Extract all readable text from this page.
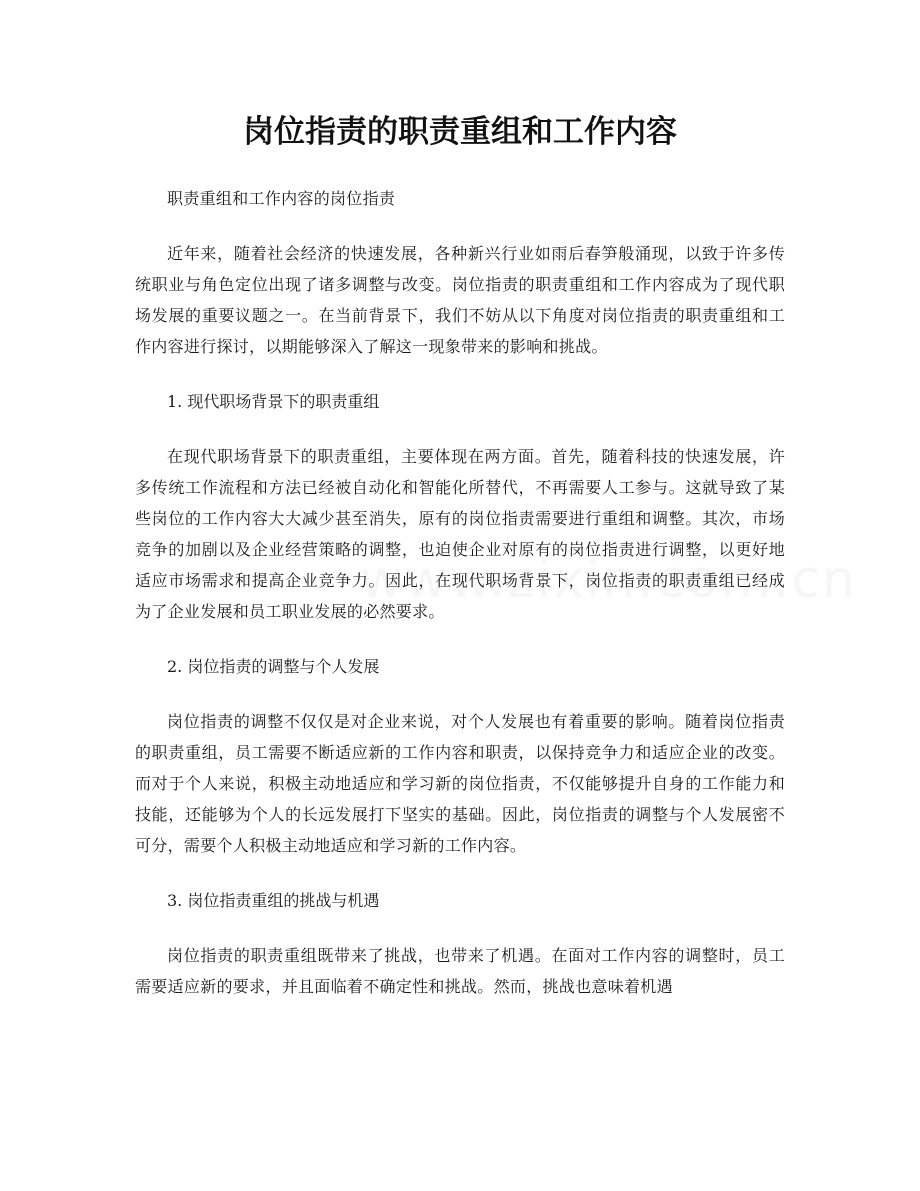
岗位指责的职责重组和工作内容

职责重组和工作内容的岗位指责

近年来，随着社会经济的快速发展，各种新兴行业如雨后春笋般涌现，以致于许多传统职业与角色定位出现了诸多调整与改变。岗位指责的职责重组和工作内容成为了现代职场发展的重要议题之一。在当前背景下，我们不妨从以下角度对岗位指责的职责重组和工作内容进行探讨，以期能够深入了解这一现象带来的影响和挑战。

1. 现代职场背景下的职责重组

在现代职场背景下的职责重组，主要体现在两方面。首先，随着科技的快速发展，许多传统工作流程和方法已经被自动化和智能化所替代，不再需要人工参与。这就导致了某些岗位的工作内容大大减少甚至消失，原有的岗位指责需要进行重组和调整。其次，市场竞争的加剧以及企业经营策略的调整，也迫使企业对原有的岗位指责进行调整，以更好地适应市场需求和提高企业竞争力。因此，在现代职场背景下，岗位指责的职责重组已经成为了企业发展和员工职业发展的必然要求。

2. 岗位指责的调整与个人发展

岗位指责的调整不仅仅是对企业来说，对个人发展也有着重要的影响。随着岗位指责的职责重组，员工需要不断适应新的工作内容和职责，以保持竞争力和适应企业的改变。而对于个人来说，积极主动地适应和学习新的岗位指责，不仅能够提升自身的工作能力和技能，还能够为个人的长远发展打下坚实的基础。因此，岗位指责的调整与个人发展密不可分，需要个人积极主动地适应和学习新的工作内容。

3. 岗位指责重组的挑战与机遇

岗位指责的职责重组既带来了挑战，也带来了机遇。在面对工作内容的调整时，员工需要适应新的要求，并且面临着不确定性和挑战。然而，挑战也意味着机遇
